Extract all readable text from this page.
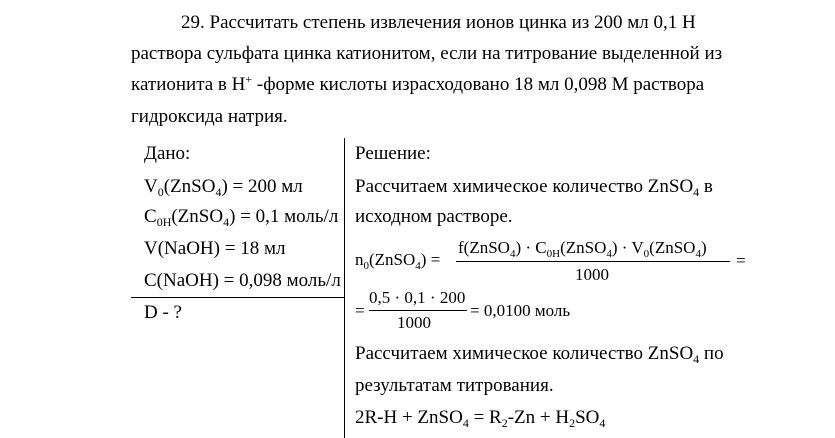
29. Рассчитать степень извлечения ионов цинка из 200 мл 0,1 Н
раствора сульфата цинка катионитом, если на титрование выделенной из
катионита в H+ -форме кислоты израсходовано 18 мл 0,098 М раствора
гидроксида натрия.
Дано:
$V_0(ZnSO_4) = 200$ мл
$C_{0H}(ZnSO_4) = 0,1$ моль/л
V(NaOH) = 18 мл
C(NaOH) = 0,098 моль/л
D - ?
Решение:
Рассчитаем химическое количество ZnSO$_4$ в
исходном растворе.
$n_0(ZnSO_4)$ =
f(ZnSO$_4$) · $C_{0H}(ZnSO_4)$ · $V_0(ZnSO_4)$
1000
=
=
0,5 · 0,1 · 200
1000
= 0,0100 моль
Рассчитаем химическое количество ZnSO$_4$ по
результатам титрования.
2R-H + ZnSO$_4$ = $R_2-Zn + H_2SO_4$
